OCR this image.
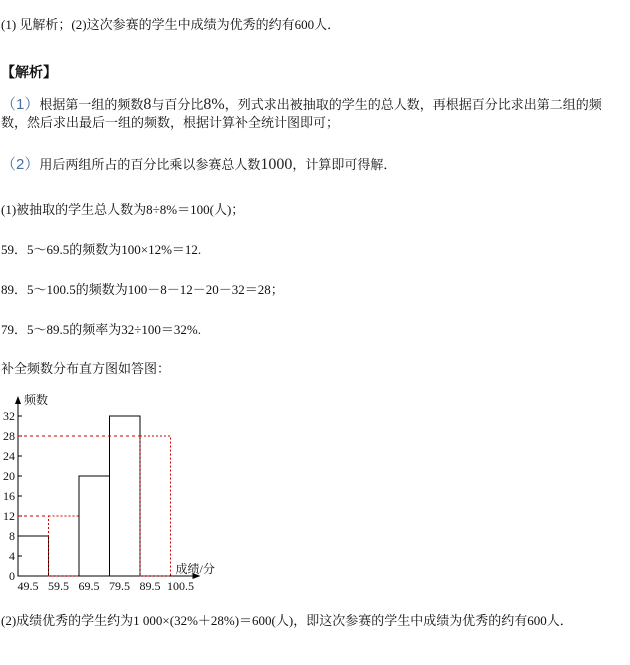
(1) 见解析；(2)这次参赛的学生中成绩为优秀的约有600人．
【解析】
（1）根据第一组的频数8与百分比8%，列式求出被抽取的学生的总人数，再根据百分比求出第二组的频数，然后求出最后一组的频数，根据计算补全统计图即可；
（2）用后两组所占的百分比乘以参赛总人数1000，计算即可得解．
(1)被抽取的学生总人数为8÷8%＝100(人)；
59．5～69.5的频数为100×12%＝12.
89．5～100.5的频数为100－8－12－20－32＝28；
79．5～89.5的频率为32÷100＝32%.
补全频数分布直方图如答图：
频数
成绩/分
0
4
8
12
16
20
24
28
32
49.5 59.5 69.5 79.5 89.5 100.5
(2)成绩优秀的学生约为1 000×(32%＋28%)＝600(人)，即这次参赛的学生中成绩为优秀的约有600人．
